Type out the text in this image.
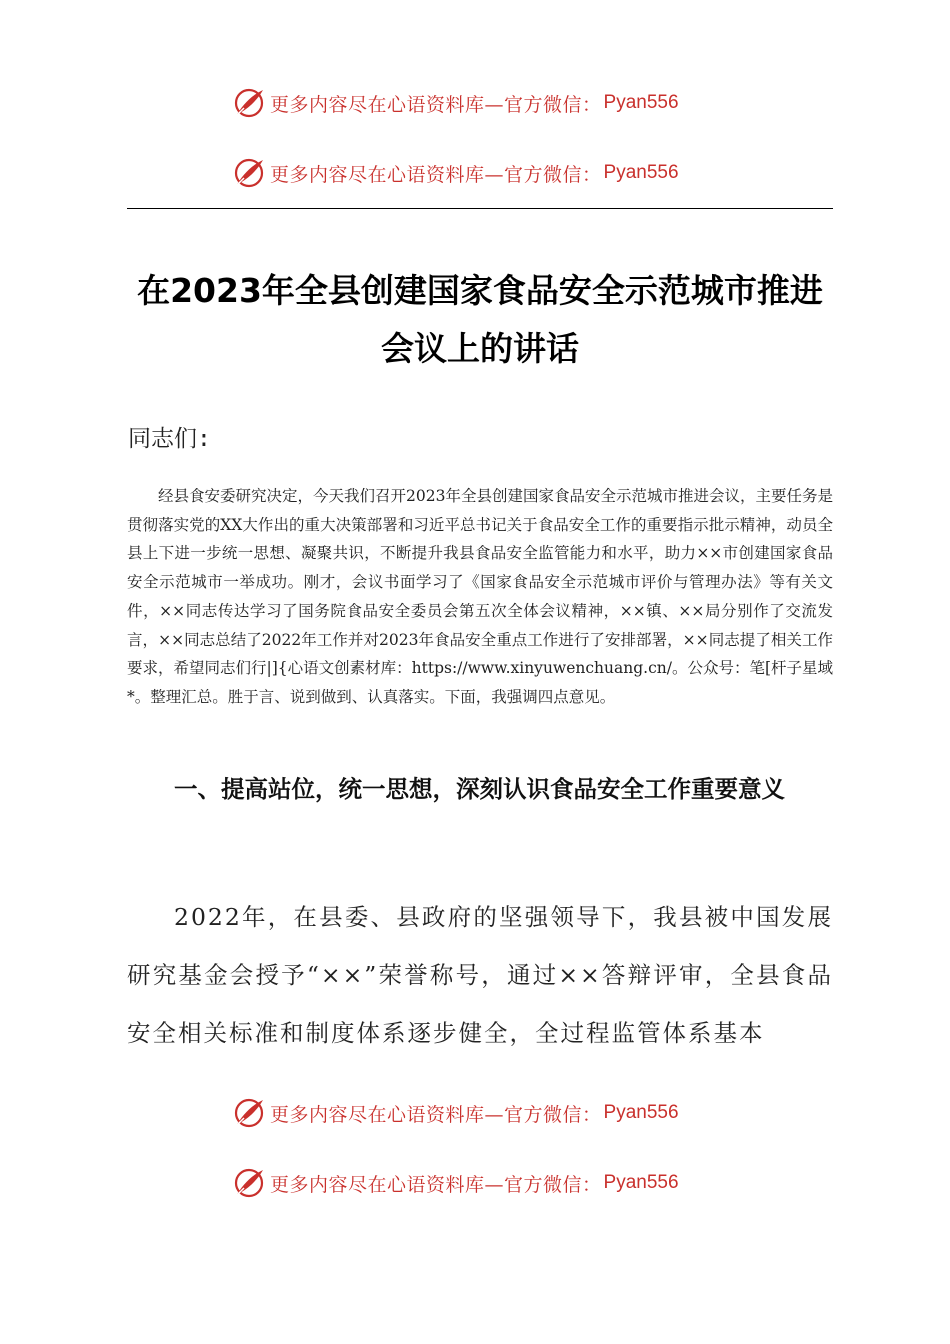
更多内容尽在心语资料库—官方微信： Pyan556
更多内容尽在心语资料库—官方微信： Pyan556
在2023年全县创建国家食品安全示范城市推进会议上的讲话

同志们:

经县食安委研究决定，今天我们召开2023年全县创建国家食品安全示范城市推进会议，主要任务是贯彻落实党的XX大作出的重大决策部署和习近平总书记关于食品安全工作的重要指示批示精神，动员全县上下进一步统一思想、凝聚共识，不断提升我县食品安全监管能力和水平，助力××市创建国家食品安全示范城市一举成功。刚才，会议书面学习了《国家食品安全示范城市评价与管理办法》等有关文件，××同志传达学习了国务院食品安全委员会第五次全体会议精神，××镇、××局分别作了交流发言，××同志总结了2022年工作并对2023年食品安全重点工作进行了安排部署，××同志提了相关工作要求，希望同志们行|]{心语文创素材库：https://www.xinyuwenchuang.cn/。公众号：笔[杆子星域*。整理汇总。胜于言、说到做到、认真落实。下面，我强调四点意见。

一、提高站位，统一思想，深刻认识食品安全工作重要意义

2022年，在县委、县政府的坚强领导下，我县被中国发展研究基金会授予“××”荣誉称号，通过××答辩评审，全县食品安全相关标准和制度体系逐步健全，全过程监管体系基本

更多内容尽在心语资料库—官方微信： Pyan556
更多内容尽在心语资料库—官方微信： Pyan556
